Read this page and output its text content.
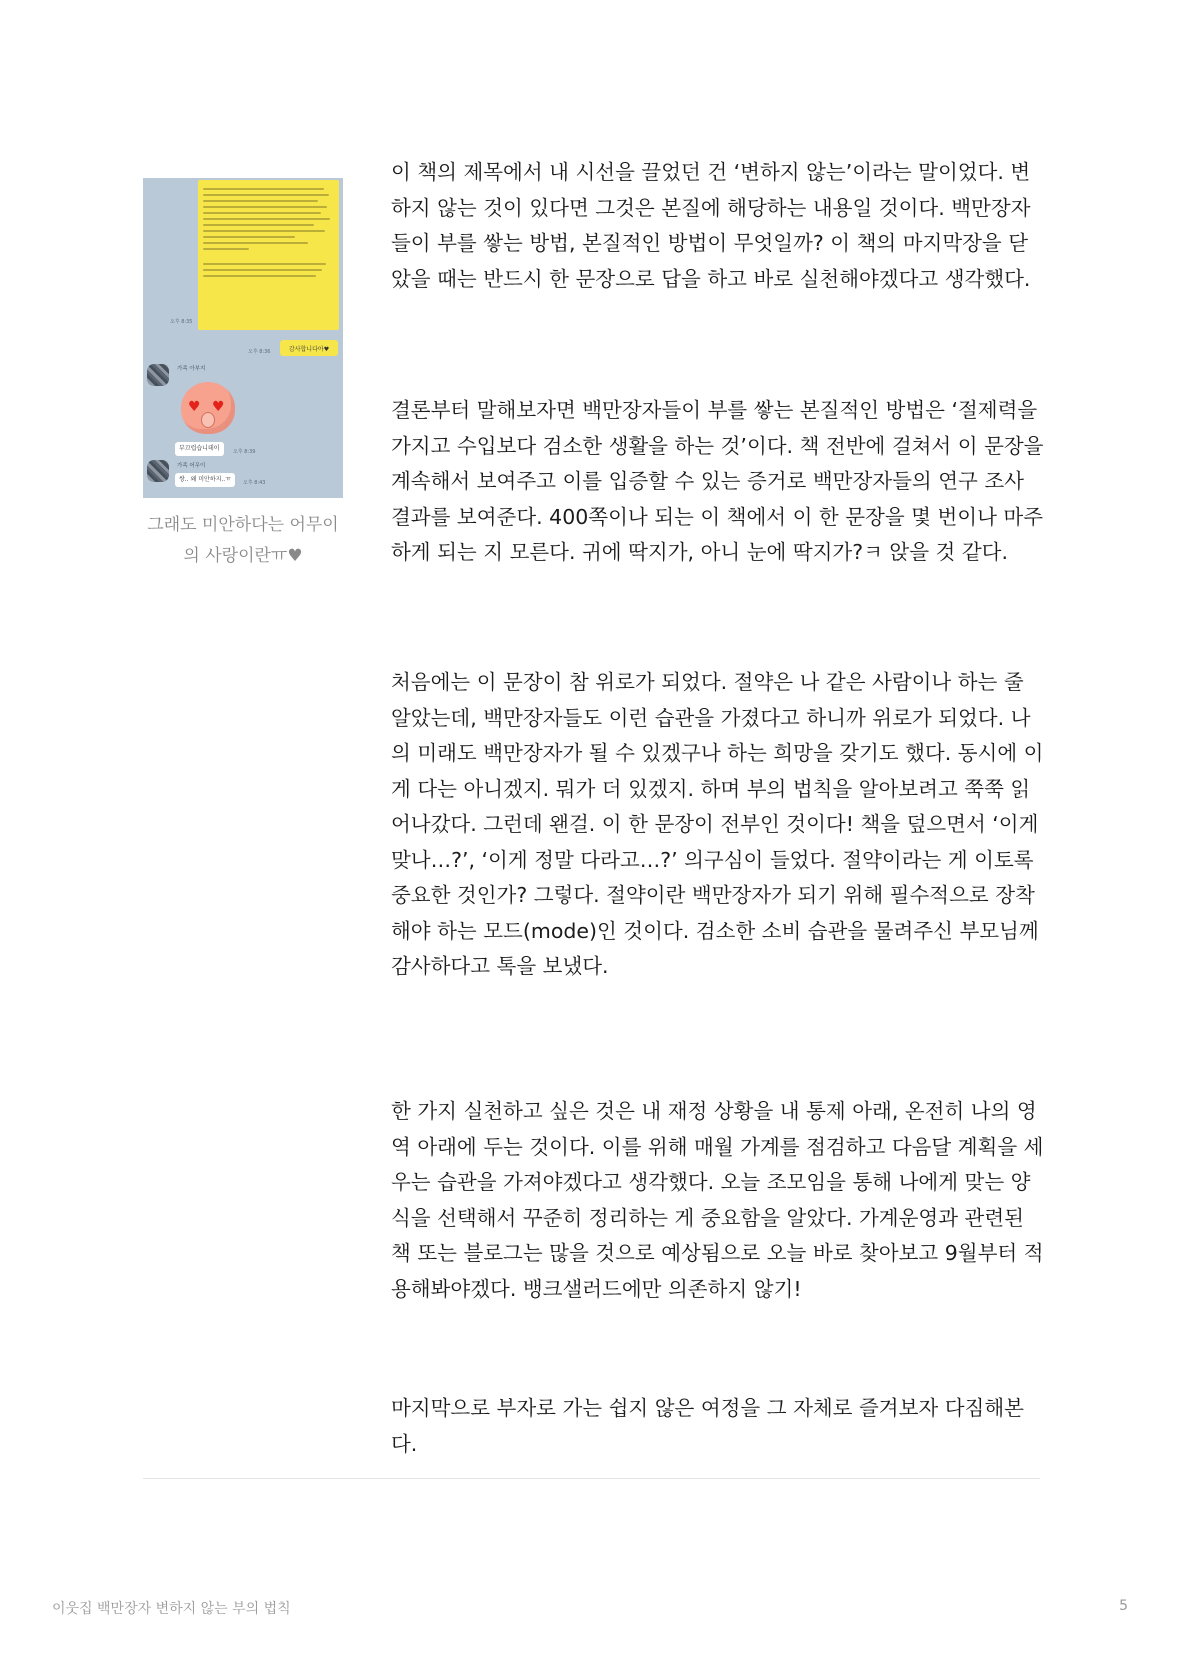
오후 8:35
감사합니다아♥
오후 8:36
가족 아부지
♥ ♥
부끄럽습니데이	오후 8:39
가족 어무이
쌍.. 왜 미안하지..ㅠ	오후 8:43
그래도 미안하다는 어무이의 사랑이란ㅠ♥

이 책의 제목에서 내 시선을 끌었던 건 ‘변하지 않는’이라는 말이었다. 변하지 않는 것이 있다면 그것은 본질에 해당하는 내용일 것이다. 백만장자들이 부를 쌓는 방법, 본질적인 방법이 무엇일까? 이 책의 마지막장을 닫았을 때는 반드시 한 문장으로 답을 하고 바로 실천해야겠다고 생각했다.

결론부터 말해보자면 백만장자들이 부를 쌓는 본질적인 방법은 ‘절제력을 가지고 수입보다 검소한 생활을 하는 것’이다. 책 전반에 걸쳐서 이 문장을 계속해서 보여주고 이를 입증할 수 있는 증거로 백만장자들의 연구 조사 결과를 보여준다. 400쪽이나 되는 이 책에서 이 한 문장을 몇 번이나 마주하게 되는 지 모른다. 귀에 딱지가, 아니 눈에 딱지가?ㅋ 앉을 것 같다.

처음에는 이 문장이 참 위로가 되었다. 절약은 나 같은 사람이나 하는 줄 알았는데, 백만장자들도 이런 습관을 가졌다고 하니까 위로가 되었다. 나의 미래도 백만장자가 될 수 있겠구나 하는 희망을 갖기도 했다. 동시에 이게 다는 아니겠지. 뭐가 더 있겠지. 하며 부의 법칙을 알아보려고 쭉쭉 읽어나갔다. 그런데 왠걸. 이 한 문장이 전부인 것이다! 책을 덮으면서 ‘이게 맞나…?’, ‘이게 정말 다라고…?’ 의구심이 들었다. 절약이라는 게 이토록 중요한 것인가? 그렇다. 절약이란 백만장자가 되기 위해 필수적으로 장착해야 하는 모드(mode)인 것이다. 검소한 소비 습관을 물려주신 부모님께 감사하다고 톡을 보냈다.

한 가지 실천하고 싶은 것은 내 재정 상황을 내 통제 아래, 온전히 나의 영역 아래에 두는 것이다. 이를 위해 매월 가계를 점검하고 다음달 계획을 세우는 습관을 가져야겠다고 생각했다. 오늘 조모임을 통해 나에게 맞는 양식을 선택해서 꾸준히 정리하는 게 중요함을 알았다. 가계운영과 관련된 책 또는 블로그는 많을 것으로 예상됨으로 오늘 바로 찾아보고 9월부터 적용해봐야겠다. 뱅크샐러드에만 의존하지 않기!

마지막으로 부자로 가는 쉽지 않은 여정을 그 자체로 즐겨보자 다짐해본다.

이웃집 백만장자 변하지 않는 부의 법칙	5
